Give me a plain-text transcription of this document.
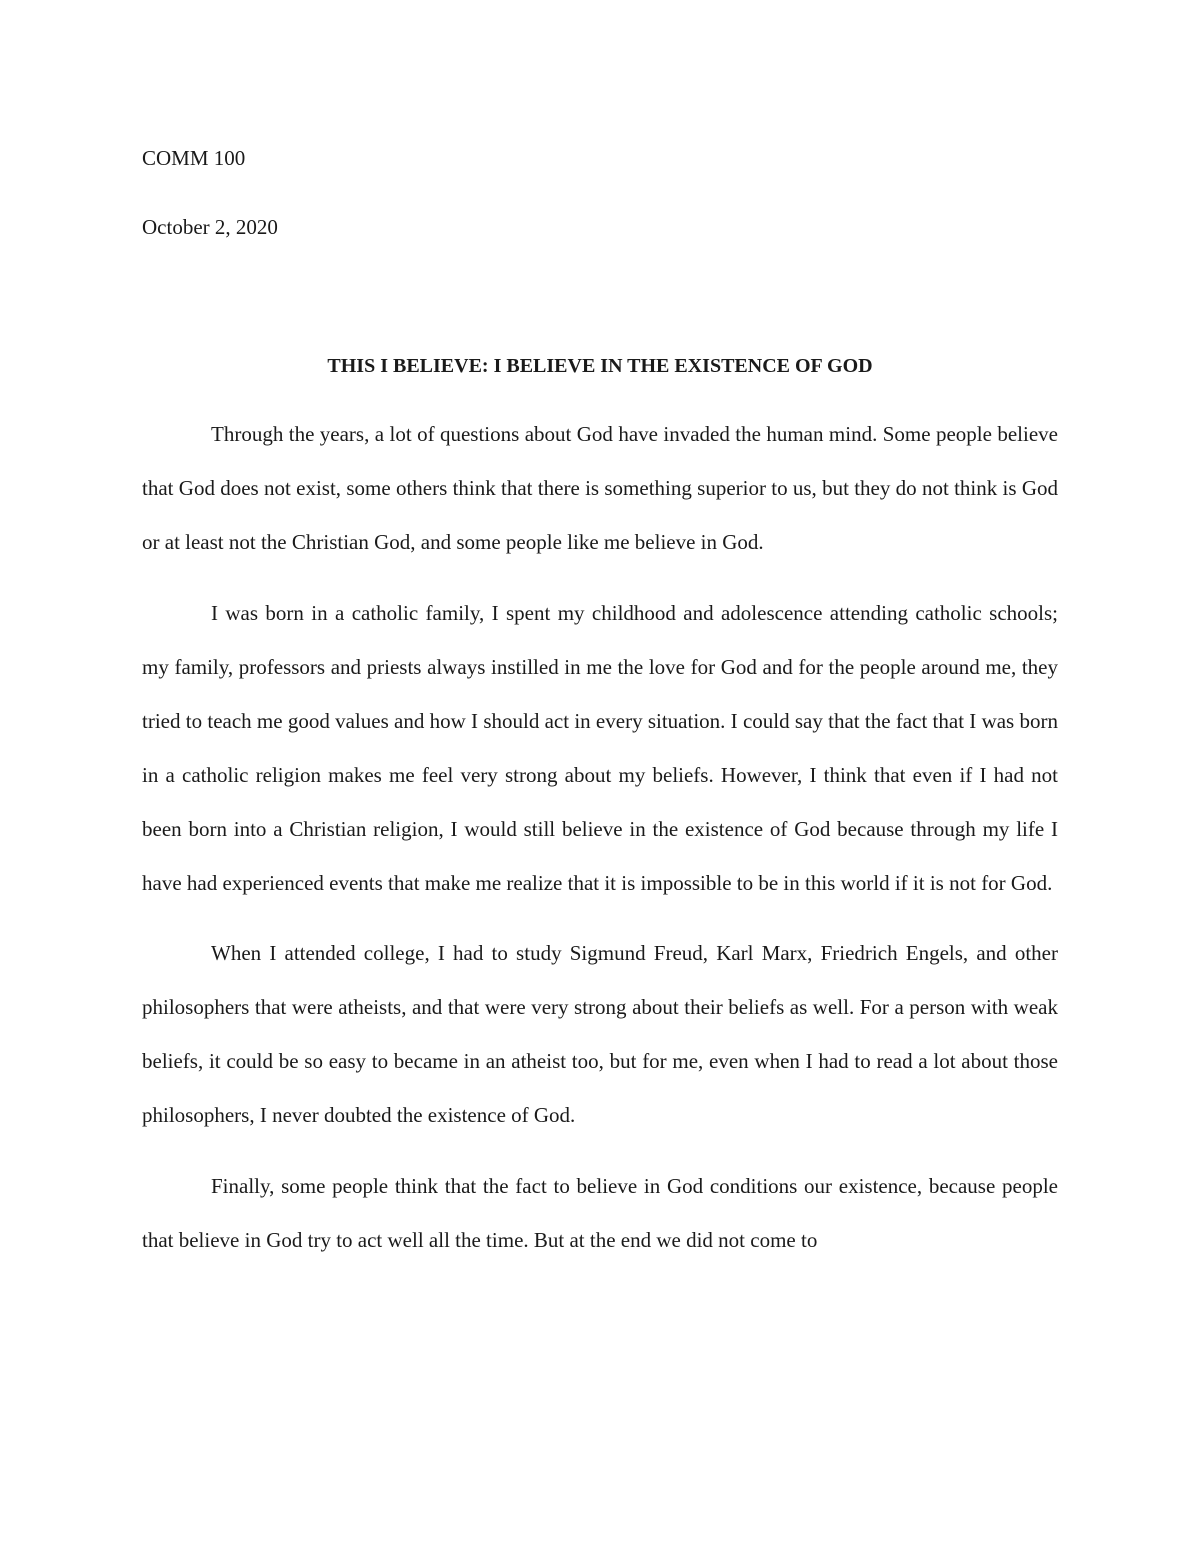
COMM 100

October 2, 2020

THIS I BELIEVE: I BELIEVE IN THE EXISTENCE OF GOD

Through the years, a lot of questions about God have invaded the human mind. Some people believe that God does not exist, some others think that there is something superior to us, but they do not think is God or at least not the Christian God, and some people like me believe in God.

I was born in a catholic family, I spent my childhood and adolescence attending catholic schools; my family, professors and priests always instilled in me the love for God and for the people around me, they tried to teach me good values and how I should act in every situation. I could say that the fact that I was born in a catholic religion makes me feel very strong about my beliefs. However, I think that even if I had not been born into a Christian religion, I would still believe in the existence of God because through my life I have had experienced events that make me realize that it is impossible to be in this world if it is not for God.

When I attended college, I had to study Sigmund Freud, Karl Marx, Friedrich Engels, and other philosophers that were atheists, and that were very strong about their beliefs as well. For a person with weak beliefs, it could be so easy to became in an atheist too, but for me, even when I had to read a lot about those philosophers, I never doubted the existence of God.

Finally, some people think that the fact to believe in God conditions our existence, because people that believe in God try to act well all the time. But at the end we did not come to
